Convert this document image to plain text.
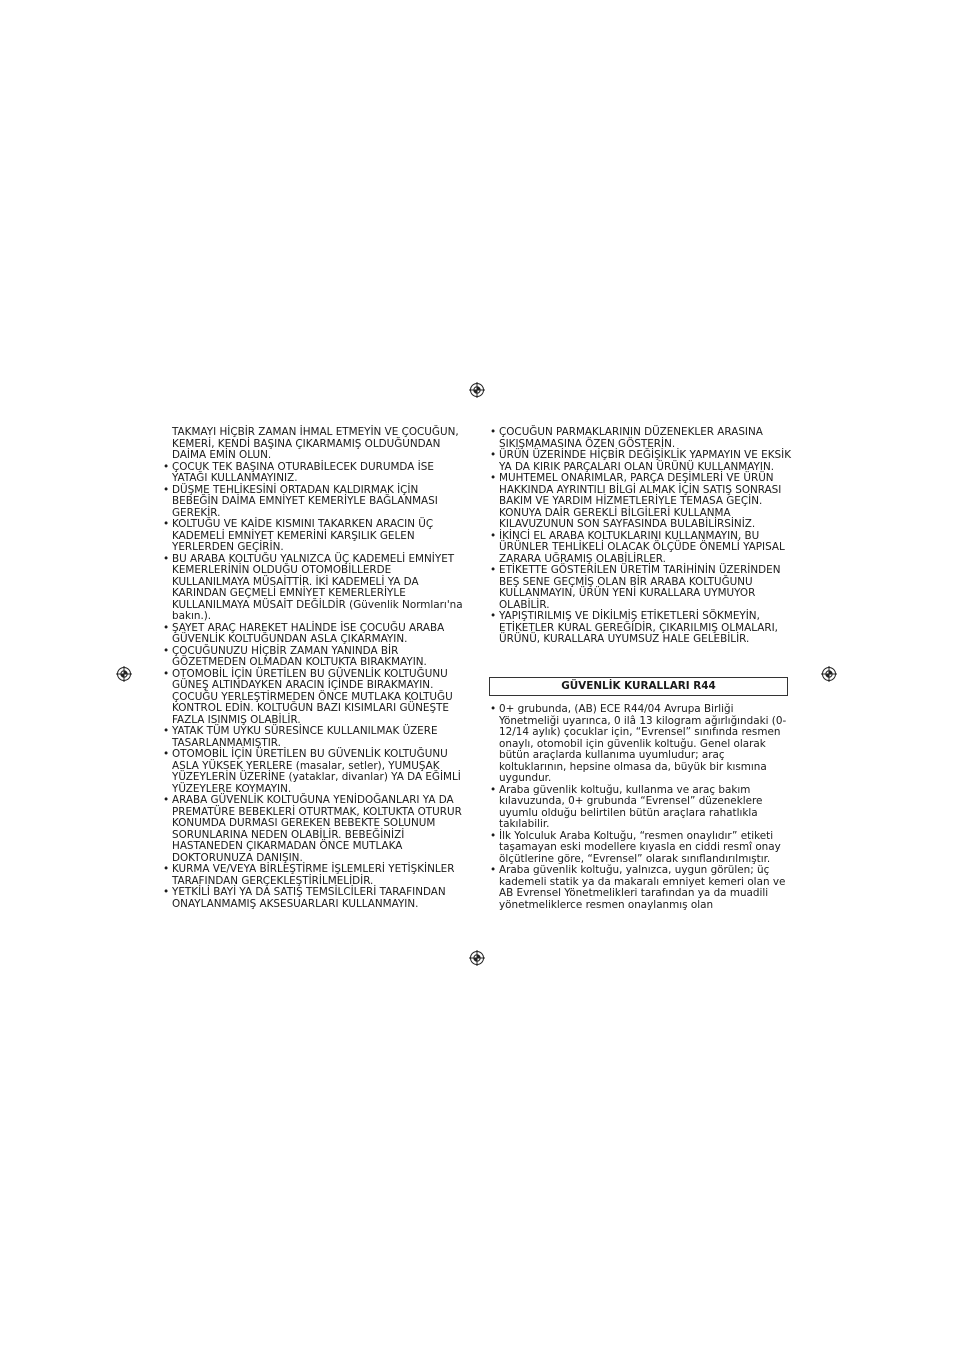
TAKMAYI HİÇBİR ZAMAN İHMAL ETMEYİN VE ÇOCUĞUN, KEMERİ, KENDİ BAŞINA ÇIKARMAMIŞ OLDUĞUNDAN DAİMA EMİN OLUN.

• ÇOCUK TEK BAŞINA OTURABİLECEK DURUMDA İSE YATAĞI KULLANMAYINIZ.

• DÜŞME TEHLİKESİNİ ORTADAN KALDIRMAK İÇİN BEBEĞİN DAİMA EMNİYET KEMERİYLE BAĞLANMASI GEREKİR.

• KOLTUĞU VE KAİDE KISMINI TAKARKEN ARACIN ÜÇ KADEMELİ EMNİYET KEMERİNİ KARŞILIK GELEN YERLERDEN GEÇİRİN.

• BU ARABA KOLTUĞU YALNIZCA ÜÇ KADEMELİ EMNİYET KEMERLERİNİN OLDUĞU OTOMOBİLLERDE KULLANILMAYA MÜSAİTTİR. İKİ KADEMELİ YA DA KARINDAN GEÇMELİ EMNİYET KEMERLERİYLE KULLANILMAYA MÜSAİT DEĞİLDİR (Güvenlik Normları'na bakın.).

• ŞAYET ARAÇ HAREKET HALİNDE İSE ÇOCUĞU ARABA GÜVENLİK KOLTUĞUNDAN ASLA ÇIKARMAYIN.

• ÇOCUĞUNUZU HİÇBİR ZAMAN YANINDA BİR GÖZETMEDEN OLMADAN KOLTUKTA BIRAKMAYIN.

• OTOMOBİL İÇİN ÜRETİLEN BU GÜVENLİK KOLTUĞUNU GÜNEŞ ALTINDAYKEN ARACIN İÇİNDE BIRAKMAYIN. ÇOCUĞU YERLEŞTİRMEDEN ÖNCE MUTLAKA KOLTUĞU KONTROL EDİN. KOLTUĞUN BAZI KISIMLARI GÜNEŞTE FAZLA ISINMIŞ OLABİLİR.

• YATAK TÜM UYKU SÜRESİNCE KULLANILMAK ÜZERE TASARLANMAMIŞTIR.

• OTOMOBİL İÇİN ÜRETİLEN BU GÜVENLİK KOLTUĞUNU ASLA YÜKSEK YERLERE (masalar, setler), YUMUŞAK YÜZEYLERİN ÜZERİNE (yataklar, divanlar) YA DA EĞİMLİ YÜZEYLERE KOYMAYIN.

• ARABA GÜVENLİK KOLTUĞUNA YENİDOĞANLARI YA DA PREMATÜRE BEBEKLERİ OTURTMAK, KOLTUKTA OTURUR KONUMDA DURMASI GEREKEN BEBEKTE SOLUNUM SORUNLARINA NEDEN OLABİLİR. BEBEĞİNİZİ HASTANEDEN ÇIKARMADAN ÖNCE MUTLAKA DOKTORUNUZA DANIŞIN.

• KURMA VE/VEYA BİRLEŞTİRME İŞLEMLERİ YETİŞKİNLER TARAFINDAN GERÇEKLEŞTİRİLMELİDİR.

• YETKİLİ BAYİ YA DA SATIŞ TEMSİLCİLERİ TARAFINDAN ONAYLANMAMIŞ AKSESUARLARI KULLANMAYIN.

• ÇOCUĞUN PARMAKLARININ DÜZENEKLER ARASINA SIKIŞMAMASINA ÖZEN GÖSTERİN.

• ÜRÜN ÜZERİNDE HİÇBİR DEĞİŞİKLİK YAPMAYIN VE EKSİK YA DA KIRIK PARÇALARI OLAN ÜRÜNÜ KULLANMAYIN.

• MUHTEMEL ONARIMLAR, PARÇA DEŞİMLERİ VE ÜRÜN HAKKINDA AYRINTILI BİLGİ ALMAK İÇİN SATIŞ SONRASI BAKIM VE YARDIM HİZMETLERİYLE TEMASA GEÇİN. KONUYA DAİR GEREKLİ BİLGİLERİ KULLANMA KILAVUZUNUN SON SAYFASINDA BULABİLİRSİNİZ.

• İKİNCİ EL ARABA KOLTUKLARINI KULLANMAYIN, BU ÜRÜNLER TEHLİKELİ OLACAK ÖLÇÜDE ÖNEMLİ YAPISAL ZARARA UĞRAMIŞ OLABİLİRLER.

• ETİKETTE GÖSTERİLEN ÜRETİM TARİHİNİN ÜZERİNDEN BEŞ SENE GEÇMİŞ OLAN BİR ARABA KOLTUĞUNU KULLANMAYIN, ÜRÜN YENİ KURALLARA UYMUYOR OLABİLİR.

• YAPIŞTIRILMIŞ VE DİKİLMİŞ ETİKETLERİ SÖKMEYİN, ETİKETLER KURAL GEREĞİDİR, ÇIKARILMIŞ OLMALARI, ÜRÜNÜ, KURALLARA UYUMSUZ HALE GELEBİLİR.

GÜVENLİK KURALLARI R44

• 0+ grubunda, (AB) ECE R44/04 Avrupa Birliği Yönetmeliği uyarınca, 0 ilâ 13 kilogram ağırlığındaki (0-12/14 aylık) çocuklar için, “Evrensel” sınıfında resmen onaylı, otomobil için güvenlik koltuğu. Genel olarak bütün araçlarda kullanıma uyumludur; araç koltuklarının, hepsine olmasa da, büyük bir kısmına uygundur.

• Araba güvenlik koltuğu, kullanma ve araç bakım kılavuzunda, 0+ grubunda “Evrensel” düzeneklere uyumlu olduğu belirtilen bütün araçlara rahatlıkla takılabilir.

• İlk Yolculuk Araba Koltuğu, “resmen onaylıdır” etiketi taşamayan eski modellere kıyasla en ciddi resmî onay ölçütlerine göre, “Evrensel” olarak sınıflandırılmıştır.

• Araba güvenlik koltuğu, yalnızca, uygun görülen; üç kademeli statik ya da makaralı emniyet kemeri olan ve AB Evrensel Yönetmelikleri tarafından ya da muadili yönetmeliklerce resmen onaylanmış olan
